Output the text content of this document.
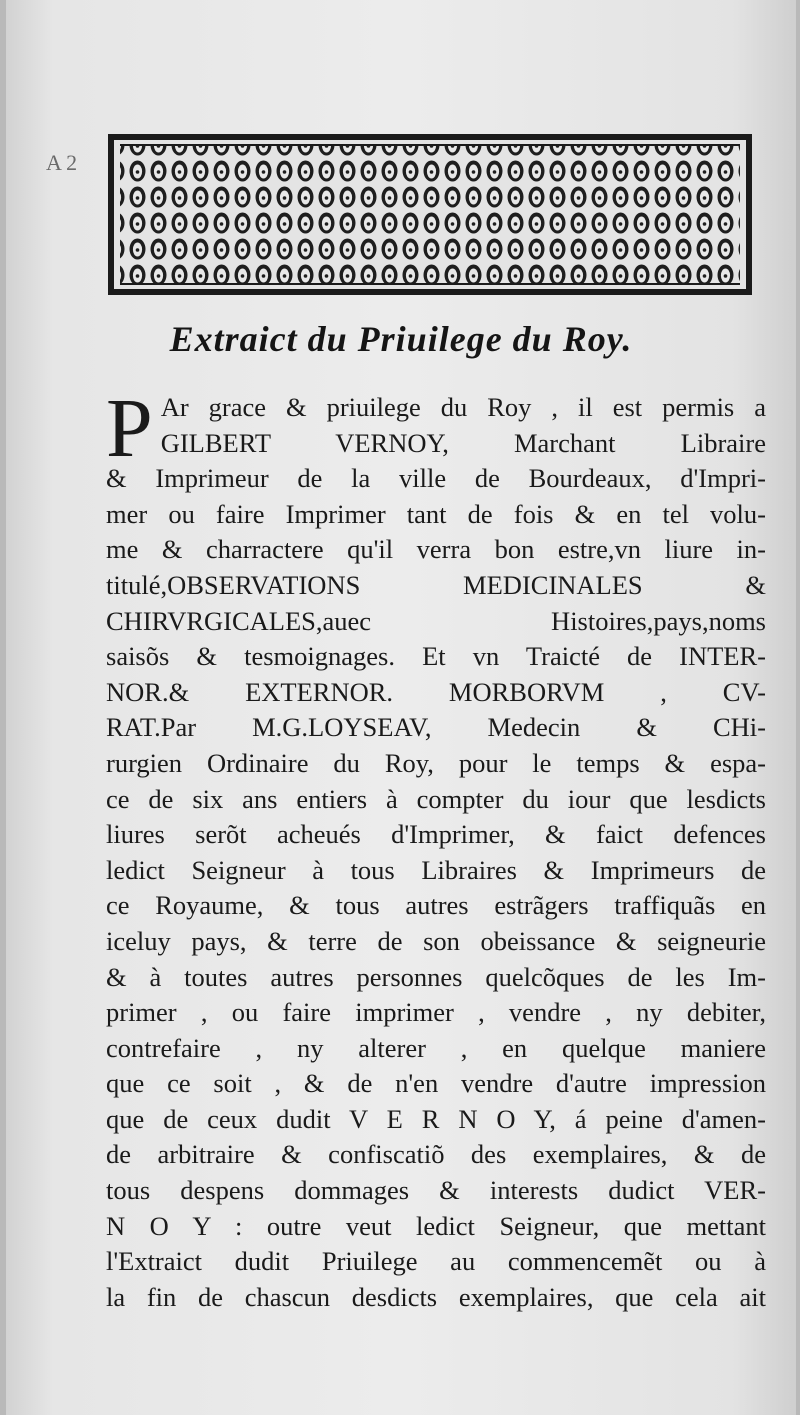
A 2
Extraict du Priuilege du Roy.
P Ar grace & priuilege du Roy , il est permis a
GILBERT VERNOY, Marchant Libraire
& Imprimeur de la ville de Bourdeaux, d'Impri-
mer ou faire Imprimer tant de fois & en tel volu-
me & charractere qu'il verra bon estre,vn liure in-
titulé,OBSERVATIONS MEDICINALES &
CHIRVRGICALES,auec Histoires,pays,noms
saisõs & tesmoignages. Et vn Traicté de INTER-
NOR.& EXTERNOR. MORBORVM , CV-
RAT.Par M.G.LOYSEAV, Medecin & CHi-
rurgien Ordinaire du Roy, pour le temps & espa-
ce de six ans entiers à compter du iour que lesdicts
liures serõt acheués d'Imprimer, & faict defences
ledict Seigneur à tous Libraires & Imprimeurs de
ce Royaume, & tous autres estrãgers traffiquãs en
iceluy pays, & terre de son obeissance & seigneurie
& à toutes autres personnes quelcõques de les Im-
primer , ou faire imprimer , vendre , ny debiter,
contrefaire , ny alterer , en quelque maniere
que ce soit , & de n'en vendre d'autre impression
que de ceux dudit V E R N O Y, á peine d'amen-
de arbitraire & confiscatiõ des exemplaires, & de
tous despens dommages & interests dudict VER-
N O Y : outre veut ledict Seigneur, que mettant
l'Extraict dudit Priuilege au commencemẽt ou à
la fin de chascun desdicts exemplaires, que cela ait
